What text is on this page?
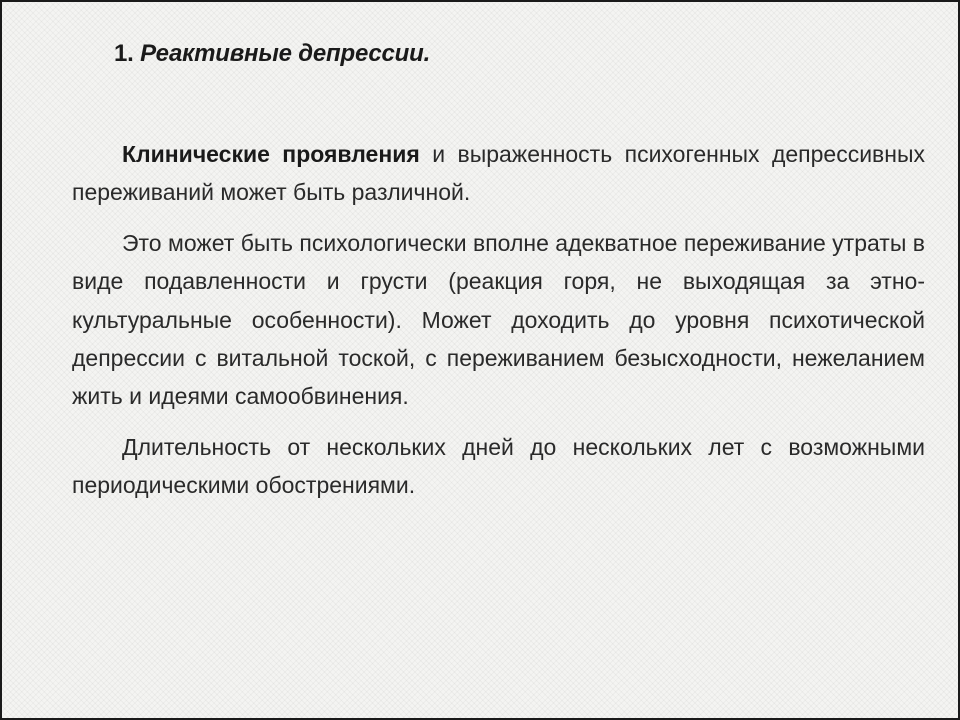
1. Реактивные депрессии.

Клинические проявления и выраженность психогенных депрессивных переживаний может быть различной.

Это может быть психологически вполне адекватное переживание утраты в виде подавленности и грусти (реакция горя, не выходящая за этно-культуральные особенности). Может доходить до уровня психотической депрессии с витальной тоской, с переживанием безысходности, нежеланием жить и идеями самообвинения.

Длительность от нескольких дней до нескольких лет с возможными периодическими обострениями.
